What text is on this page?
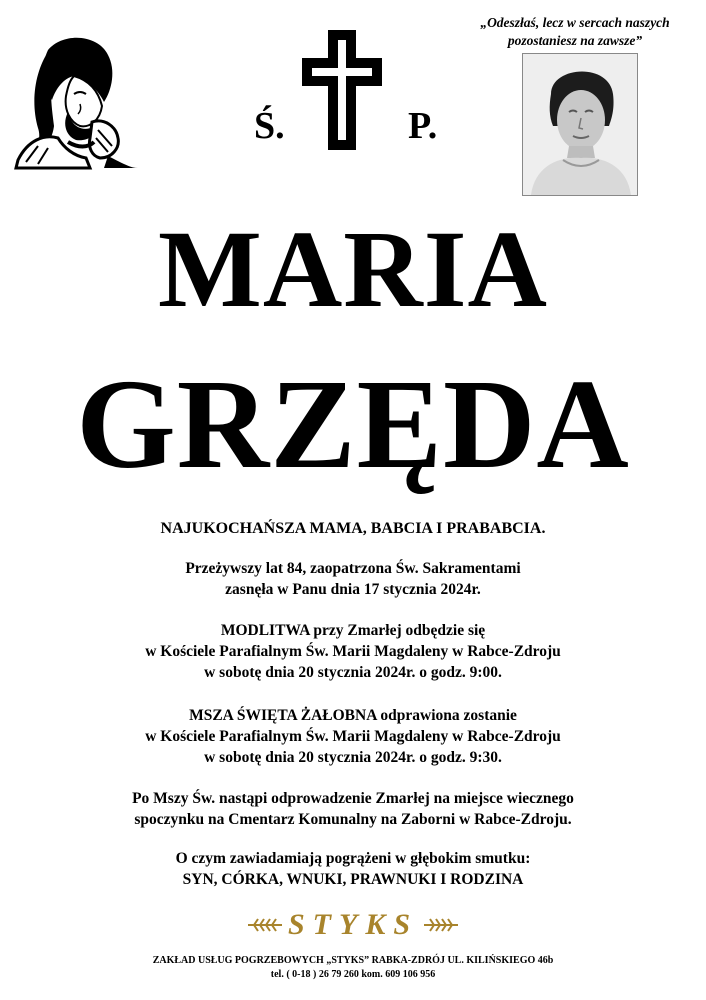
Ś.	P.
„Odeszłaś, lecz w sercach naszych
pozostaniesz na zawsze”
MARIA
GRZĘDA
NAJUKOCHAŃSZA MAMA, BABCIA I PRABABCIA.
Przeżywszy lat 84, zaopatrzona Św. Sakramentami
zasnęła w Panu dnia 17 stycznia 2024r.
MODLITWA przy Zmarłej odbędzie się
w Kościele Parafialnym Św. Marii Magdaleny w Rabce-Zdroju
w sobotę dnia 20 stycznia 2024r. o godz. 9:00.
MSZA ŚWIĘTA ŻAŁOBNA odprawiona zostanie
w Kościele Parafialnym Św. Marii Magdaleny w Rabce-Zdroju
w sobotę dnia 20 stycznia 2024r. o godz. 9:30.
Po Mszy Św. nastąpi odprowadzenie Zmarłej na miejsce wiecznego
spoczynku na Cmentarz Komunalny na Zaborni w Rabce-Zdroju.
O czym zawiadamiają pogrążeni w głębokim smutku:
SYN, CÓRKA, WNUKI, PRAWNUKI I RODZINA
STYKS
ZAKŁAD USŁUG POGRZEBOWYCH „STYKS” RABKA-ZDRÓJ UL. KILIŃSKIEGO 46b
tel. ( 0-18 ) 26 79 260 kom. 609 106 956
